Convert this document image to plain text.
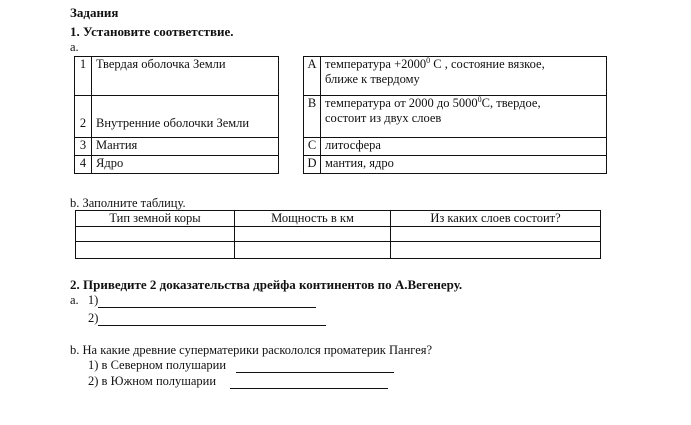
Задания
1. Установите соответствие.
a.
1	Твердая оболочка Земли
2	Внутренние оболочки Земли
3	Мантия
4	Ядро
A	температура $+2000^0$ С , состояние вязкое,
ближе к твердому
B	температура от 2000 до 5000$^0$С, твердое,
состоит из двух слоев
C	литосфера
D	мантия, ядро
b. Заполните таблицу.
Тип земной коры	Мощность в км	Из каких слоев состоит?

2. Приведите 2 доказательства дрейфа континентов по А.Вегенеру.
a. 1)
2)
b. На какие древние суперматерики раскололся проматерик Пангея?
1) в Северном полушарии
2) в Южном полушарии
